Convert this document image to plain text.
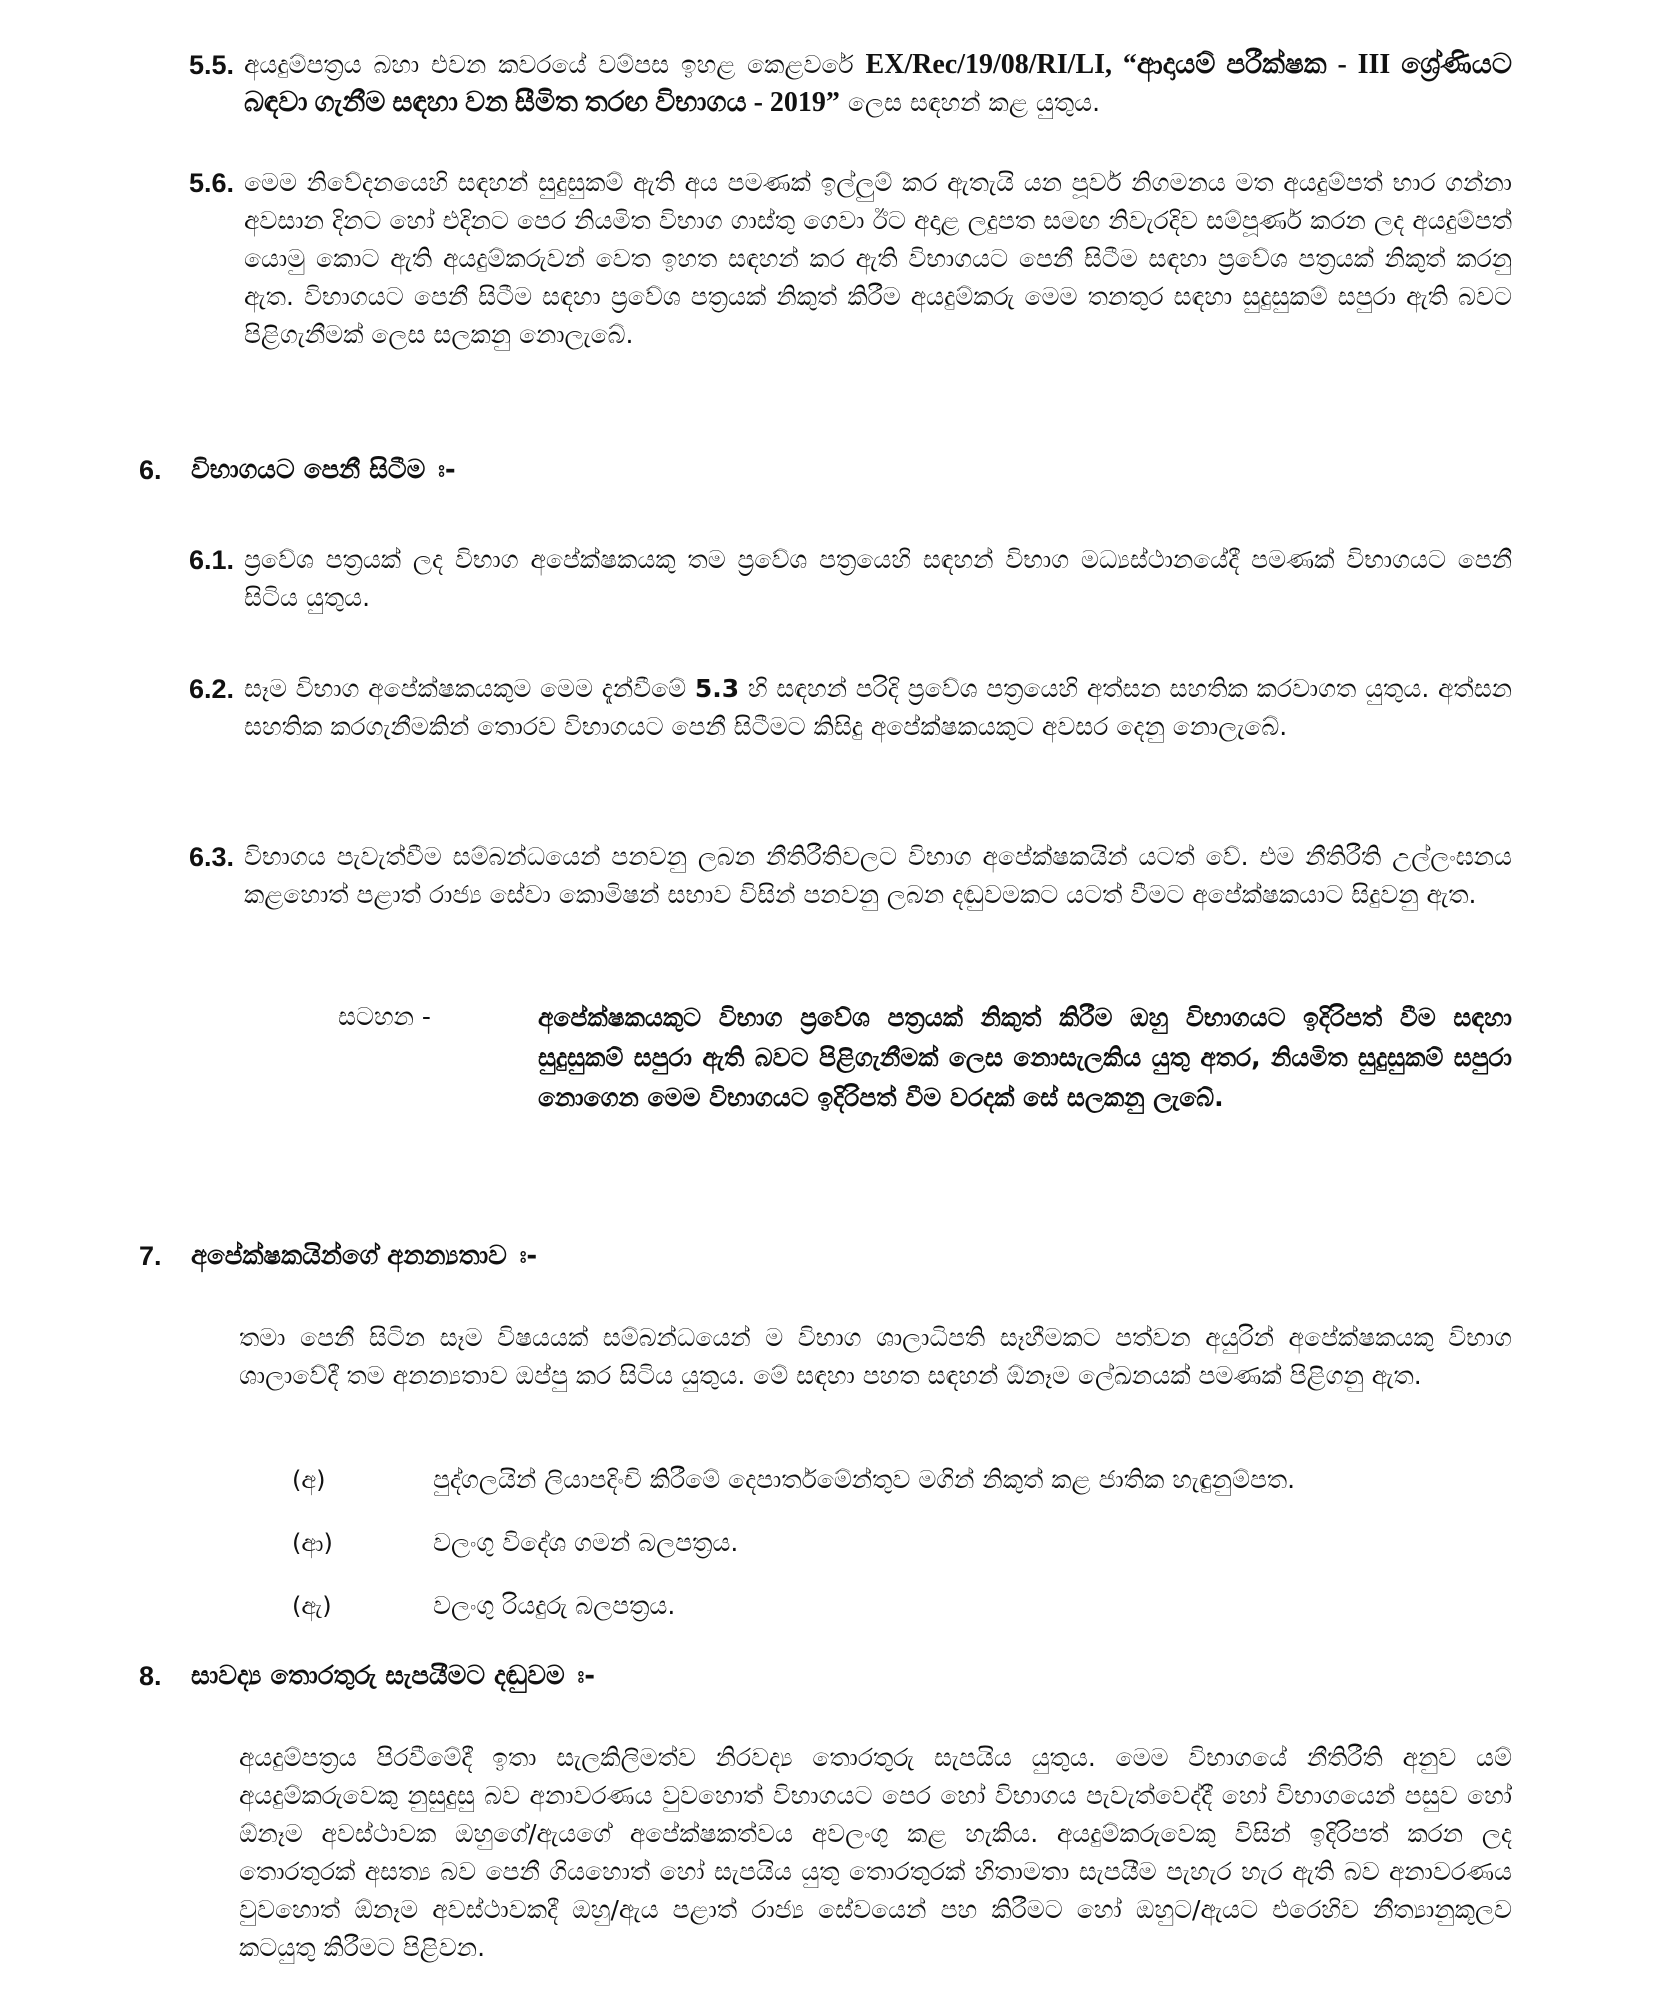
5.5. අයදුම්පත්‍රය බහා එවන කවරයේ වම්පස ඉහළ කෙළවරේ EX/Rec/19/08/RI/LI, “ආදායම් පරීක්ෂක - III ශ්‍රේණියට බඳවා ගැනීම සඳහා වන සීමිත තරඟ විභාගය - 2019” ලෙස සඳහන් කළ යුතුය.
5.6. මෙම නිවේදනයෙහි සඳහන් සුදුසුකම් ඇති අය පමණක් ඉල්ලුම් කර ඇතැයි යන පූර්ව නිගමනය මත අයදුම්පත් භාර ගන්නා අවසාන දිනට හෝ එදිනට පෙර නියමිත විභාග ගාස්තු ගෙවා ඊට අදාළ ලදුපත සමඟ නිවැරදිව සම්පූර්ණ කරන ලද අයදුම්පත් යොමු කොට ඇති අයදුම්කරුවන් වෙත ඉහත සඳහන් කර ඇති විභාගයට පෙනී සිටීම සඳහා ප්‍රවේශ පත්‍රයක් නිකුත් කරනු ඇත. විභාගයට පෙනී සිටීම සඳහා ප්‍රවේශ පත්‍රයක් නිකුත් කිරීම අයදුම්කරු මෙම තනතුර සඳහා සුදුසුකම් සපුරා ඇති බවට පිළිගැනීමක් ලෙස සලකනු නොලැබේ.
6. විභාගයට පෙනී සිටීම ඃ-
6.1. ප්‍රවේශ පත්‍රයක් ලද විභාග අපේක්ෂකයකු තම ප්‍රවේශ පත්‍රයෙහි සඳහන් විභාග මධ්‍යස්ථානයේදී පමණක් විභාගයට පෙනී සිටිය යුතුය.
6.2. සෑම විභාග අපේක්ෂකයකුම මෙම දැන්වීමේ 5.3 හි සඳහන් පරිදි ප්‍රවේශ පත්‍රයෙහි අත්සන සහතික කරවාගත යුතුය. අත්සන සහතික කරගැනීමකින් තොරව විභාගයට පෙනී සිටීමට කිසිදු අපේක්ෂකයකුට අවසර දෙනු නොලැබේ.
6.3. විභාගය පැවැත්වීම සම්බන්ධයෙන් පනවනු ලබන නීතිරීතිවලට විභාග අපේක්ෂකයින් යටත් වේ. එම නීතිරීති උල්ලංඝනය කළහොත් පළාත් රාජ්‍ය සේවා කොමිෂන් සභාව විසින් පනවනු ලබන දඬුවමකට යටත් වීමට අපේක්ෂකයාට සිදුවනු ඇත.
සටහන -	අපේක්ෂකයකුට විභාග ප්‍රවේශ පත්‍රයක් නිකුත් කිරීම ඔහු විභාගයට ඉදිරිපත් වීම සඳහා සුදුසුකම් සපුරා ඇති බවට පිළිගැනීමක් ලෙස නොසැලකිය යුතු අතර, නියමිත සුදුසුකම් සපුරා නොගෙන මෙම විභාගයට ඉදිරිපත් වීම වරදක් සේ සලකනු ලැබේ.
7. අපේක්ෂකයින්ගේ අනන්‍යතාව ඃ-
තමා පෙනී සිටින සෑම විෂයයක් සම්බන්ධයෙන් ම විභාග ශාලාධිපති සෑහීමකට පත්වන අයුරින් අපේක්ෂකයකු විභාග ශාලාවේදී තම අනන්‍යතාව ඔප්පු කර සිටිය යුතුය. මේ සඳහා පහත සඳහන් ඕනෑම ලේඛනයක් පමණක් පිළිගනු ඇත.
(අ)	පුද්ගලයින් ලියාපදිංචි කිරීමේ දෙපාර්තමේන්තුව මගින් නිකුත් කළ ජාතික හැඳුනුම්පත.
(ආ)	වලංගු විදේශ ගමන් බලපත්‍රය.
(ඇ)	වලංගු රියදුරු බලපත්‍රය.
8. සාවද්‍ය තොරතුරු සැපයීමට දඬුවම ඃ-
අයදුම්පත්‍රය පිරවීමේදී ඉතා සැලකිලිමත්ව නිරවද්‍ය තොරතුරු සැපයිය යුතුය. මෙම විභාගයේ නීතිරීති අනුව යම් අයදුම්කරුවෙකු නුසුදුසු බව අනාවරණය වුවහොත් විභාගයට පෙර හෝ විභාගය පැවැත්වෙද්දී හෝ විභාගයෙන් පසුව හෝ ඕනෑම අවස්ථාවක ඔහුගේ/ඇයගේ අපේක්ෂකත්වය අවලංගු කළ හැකිය. අයදුම්කරුවෙකු විසින් ඉදිරිපත් කරන ලද තොරතුරක් අසත්‍ය බව පෙනී ගියහොත් හෝ සැපයිය යුතු තොරතුරක් හිතාමතා සැපයීම පැහැර හැර ඇති බව අනාවරණය වුවහොත් ඕනෑම අවස්ථාවකදී ඔහු/ඇය පළාත් රාජ්‍ය සේවයෙන් පහ කිරීමට හෝ ඔහුට/ඇයට එරෙහිව නීත්‍යානුකූලව කටයුතු කිරීමට පිළිවන.
